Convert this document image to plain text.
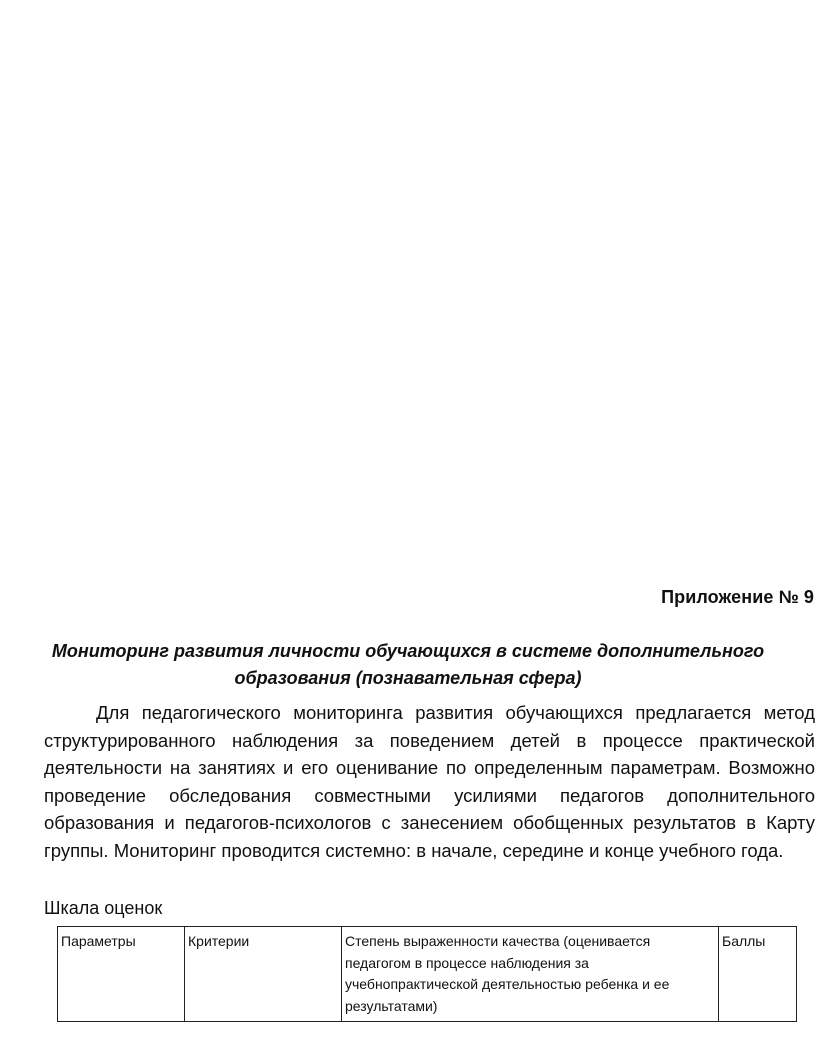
Приложение № 9
Мониторинг развития личности обучающихся в системе дополнительного образования (познавательная сфера)

Для педагогического мониторинга развития обучающихся предлагается метод структурированного наблюдения за поведением детей в процессе практической деятельности на занятиях и его оценивание по определенным параметрам. Возможно проведение обследования совместными усилиями педагогов дополнительного образования и педагогов-психологов с занесением обобщенных результатов в Карту группы. Мониторинг проводится системно: в начале, середине и конце учебного года.

Шкала оценок
Параметры	Критерии	Степень выраженности качества (оценивается педагогом в процессе наблюдения за учебнопрактической деятельностью ребенка и ее результатами)	Баллы
